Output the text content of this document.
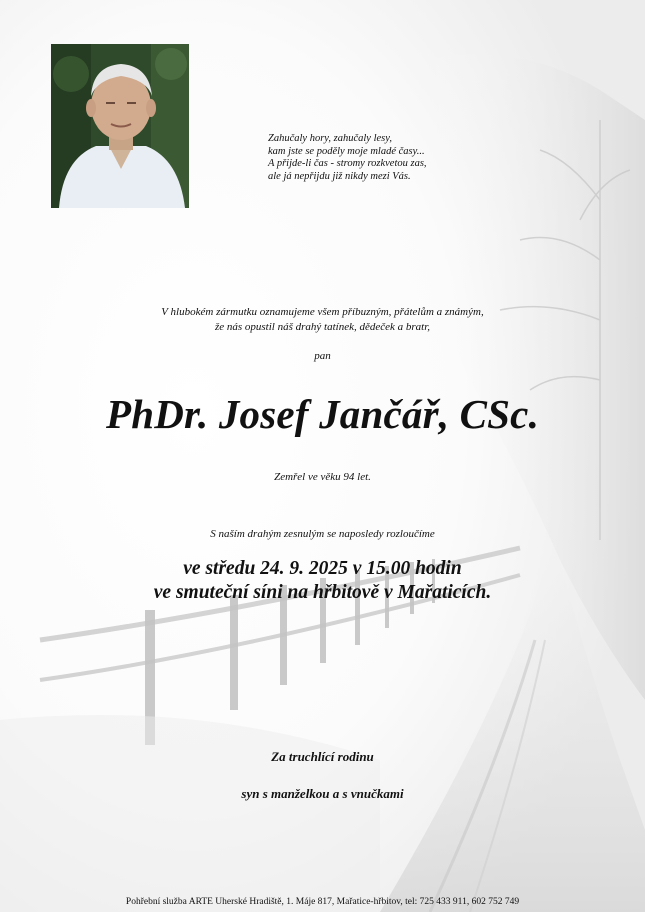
Zahučaly hory, zahučaly lesy,
kam jste se poděly moje mladé časy...
A přijde-li čas - stromy rozkvetou zas,
ale já nepřijdu již nikdy mezi Vás.
V hlubokém zármutku oznamujeme všem příbuzným, přátelům a známým,
že nás opustil náš drahý tatínek, dědeček a bratr,
pan
PhDr. Josef Jančář, CSc.
Zemřel ve věku 94 let.
S naším drahým zesnulým se naposledy rozloučíme
ve středu 24. 9. 2025 v 15.00 hodin
ve smuteční síni na hřbitově v Mařaticích.
Za truchlící rodinu
syn s manželkou a s vnučkami
Pohřební služba ARTE Uherské Hradiště, 1. Máje 817, Mařatice-hřbitov, tel: 725 433 911, 602 752 749
